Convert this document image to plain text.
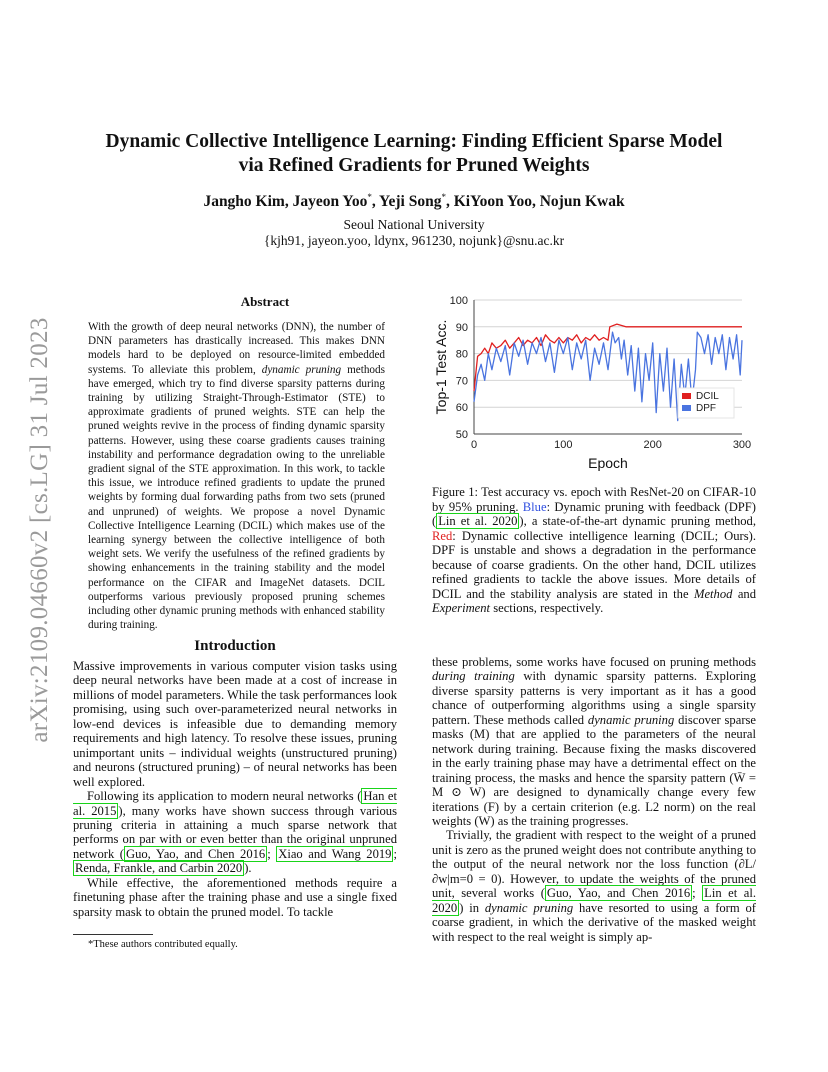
arXiv:2109.04660v2 [cs.LG] 31 Jul 2023
Dynamic Collective Intelligence Learning: Finding Efficient Sparse Model
via Refined Gradients for Pruned Weights
Jangho Kim, Jayeon Yoo*, Yeji Song*, KiYoon Yoo, Nojun Kwak
Seoul National University
{kjh91, jayeon.yoo, ldynx, 961230, nojunk}@snu.ac.kr
Abstract

With the growth of deep neural networks (DNN), the number of DNN parameters has drastically increased. This makes DNN models hard to be deployed on resource-limited embedded systems. To alleviate this problem, dynamic pruning methods have emerged, which try to find diverse sparsity patterns during training by utilizing Straight-Through-Estimator (STE) to approximate gradients of pruned weights. STE can help the pruned weights revive in the process of finding dynamic sparsity patterns. However, using these coarse gradients causes training instability and performance degradation owing to the unreliable gradient signal of the STE approximation. In this work, to tackle this issue, we introduce refined gradients to update the pruned weights by forming dual forwarding paths from two sets (pruned and unpruned) of weights. We propose a novel Dynamic Collective Intelligence Learning (DCIL) which makes use of the learning synergy between the collective intelligence of both weight sets. We verify the usefulness of the refined gradients by showing enhancements in the training stability and the model performance on the CIFAR and ImageNet datasets. DCIL outperforms various previously proposed pruning schemes including other dynamic pruning methods with enhanced stability during training.

50
60
70
80
90
100
0	100	200	300
Epoch
Top-1 Test Acc.	DCIL
DPF
Figure 1: Test accuracy vs. epoch with ResNet-20 on CIFAR-10 by 95% pruning. Blue: Dynamic pruning with feedback (DPF) ( Lin et al. 2020 ), a state-of-the-art dynamic pruning method, Red: Dynamic collective intelligence learning (DCIL; Ours). DPF is unstable and shows a degradation in the performance because of coarse gradients. On the other hand, DCIL utilizes refined gradients to tackle the above issues. More details of DCIL and the stability analysis are stated in the Method and Experiment sections, respectively.
Introduction

Massive improvements in various computer vision tasks using deep neural networks have been made at a cost of increase in millions of model parameters. While the task performances look promising, using such over-parameterized neural networks in low-end devices is infeasible due to demanding memory requirements and high latency. To resolve these issues, pruning unimportant units – individual weights (unstructured pruning) and neurons (structured pruning) – of neural networks has been well explored.

Following its application to modern neural networks ( Han et al. 2015 ), many works have shown success through various pruning criteria in attaining a much sparse network that performs on par with or even better than the original unpruned network ( Guo, Yao, and Chen 2016 ; Xiao and Wang 2019 ; Renda, Frankle, and Carbin 2020 ).

While effective, the aforementioned methods require a finetuning phase after the training phase and use a single fixed sparsity mask to obtain the pruned model. To tackle

*These authors contributed equally.

these problems, some works have focused on pruning methods during training with dynamic sparsity patterns. Exploring diverse sparsity patterns is very important as it has a good chance of outperforming algorithms using a single sparsity pattern. These methods called dynamic pruning discover sparse masks (M) that are applied to the parameters of the neural network during training. Because fixing the masks discovered in the early training phase may have a detrimental effect on the training process, the masks and hence the sparsity pattern (W̄ = M ⊙ W) are designed to dynamically change every few iterations (F) by a certain criterion (e.g. L2 norm) on the real weights (W) as the training progresses.

Trivially, the gradient with respect to the weight of a pruned unit is zero as the pruned weight does not contribute anything to the output of the neural network nor the loss function (∂L/∂w|m=0 = 0). However, to update the weights of the pruned unit, several works ( Guo, Yao, and Chen 2016 ; Lin et al. 2020 ) in dynamic pruning have resorted to using a form of coarse gradient, in which the derivative of the masked weight with respect to the real weight is simply ap-
